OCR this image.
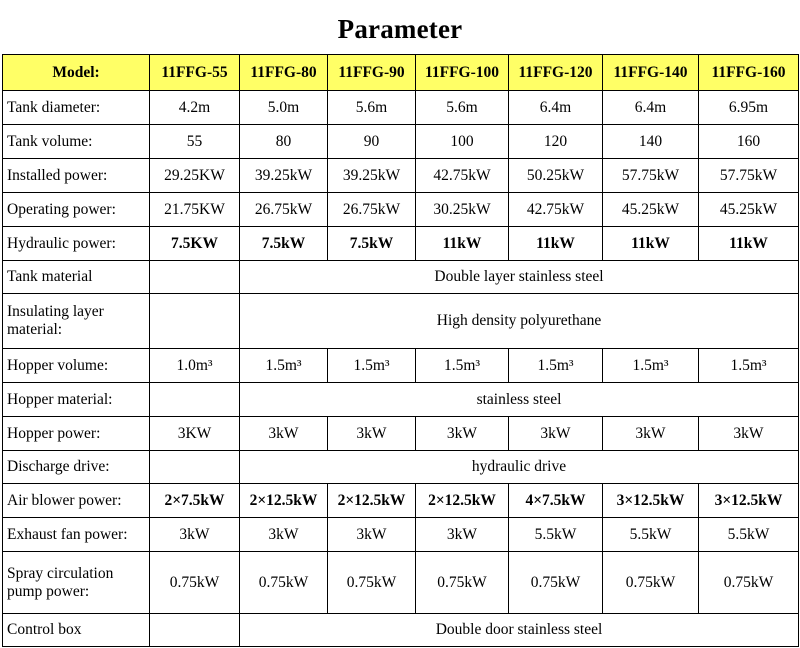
Parameter
Model:	11FFG-55	11FFG-80	11FFG-90	11FFG-100	11FFG-120	11FFG-140	11FFG-160
Tank diameter:	4.2m	5.0m	5.6m	5.6m	6.4m	6.4m	6.95m
Tank volume:	55	80	90	100	120	140	160
Installed power:	29.25KW	39.25kW	39.25kW	42.75kW	50.25kW	57.75kW	57.75kW
Operating power:	21.75KW	26.75kW	26.75kW	30.25kW	42.75kW	45.25kW	45.25kW
Hydraulic power:	7.5KW	7.5kW	7.5kW	11kW	11kW	11kW	11kW
Tank material		Double layer stainless steel					
Insulating layer material:		High density polyurethane					
Hopper volume:	1.0m³	1.5m³	1.5m³	1.5m³	1.5m³	1.5m³	1.5m³
Hopper material:		stainless steel					
Hopper power:	3KW	3kW	3kW	3kW	3kW	3kW	3kW
Discharge drive:		hydraulic drive					
Air blower power:	2×7.5kW	2×12.5kW	2×12.5kW	2×12.5kW	4×7.5kW	3×12.5kW	3×12.5kW
Exhaust fan power:	3kW	3kW	3kW	3kW	5.5kW	5.5kW	5.5kW
Spray circulation pump power:	0.75kW	0.75kW	0.75kW	0.75kW	0.75kW	0.75kW	0.75kW
Control box		Double door stainless steel					
